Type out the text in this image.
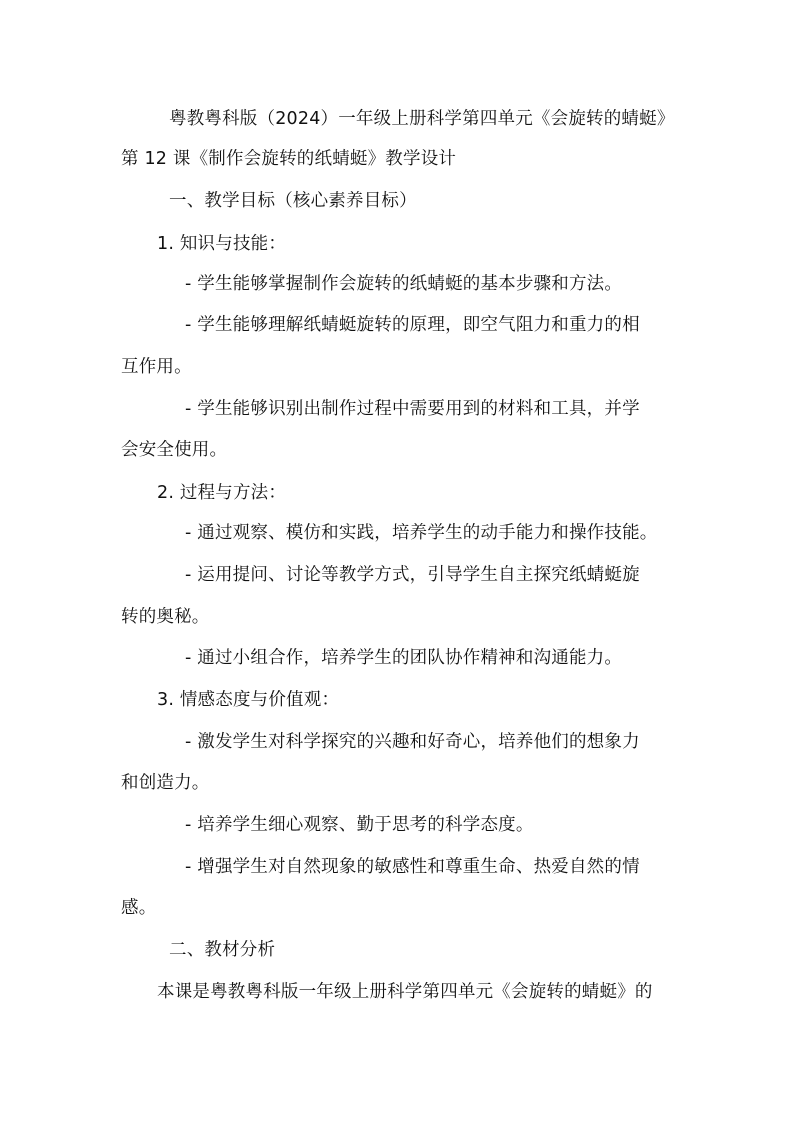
粤教粤科版（2024）一年级上册科学第四单元《会旋转的蜻蜓》
第 12 课《制作会旋转的纸蜻蜓》教学设计
一、教学目标（核心素养目标）
1. 知识与技能：
- 学生能够掌握制作会旋转的纸蜻蜓的基本步骤和方法。
- 学生能够理解纸蜻蜓旋转的原理，即空气阻力和重力的相
互作用。
- 学生能够识别出制作过程中需要用到的材料和工具，并学
会安全使用。
2. 过程与方法：
- 通过观察、模仿和实践，培养学生的动手能力和操作技能。
- 运用提问、讨论等教学方式，引导学生自主探究纸蜻蜓旋
转的奥秘。
- 通过小组合作，培养学生的团队协作精神和沟通能力。
3. 情感态度与价值观：
- 激发学生对科学探究的兴趣和好奇心，培养他们的想象力
和创造力。
- 培养学生细心观察、勤于思考的科学态度。
- 增强学生对自然现象的敏感性和尊重生命、热爱自然的情
感。
二、教材分析
本课是粤教粤科版一年级上册科学第四单元《会旋转的蜻蜓》的
